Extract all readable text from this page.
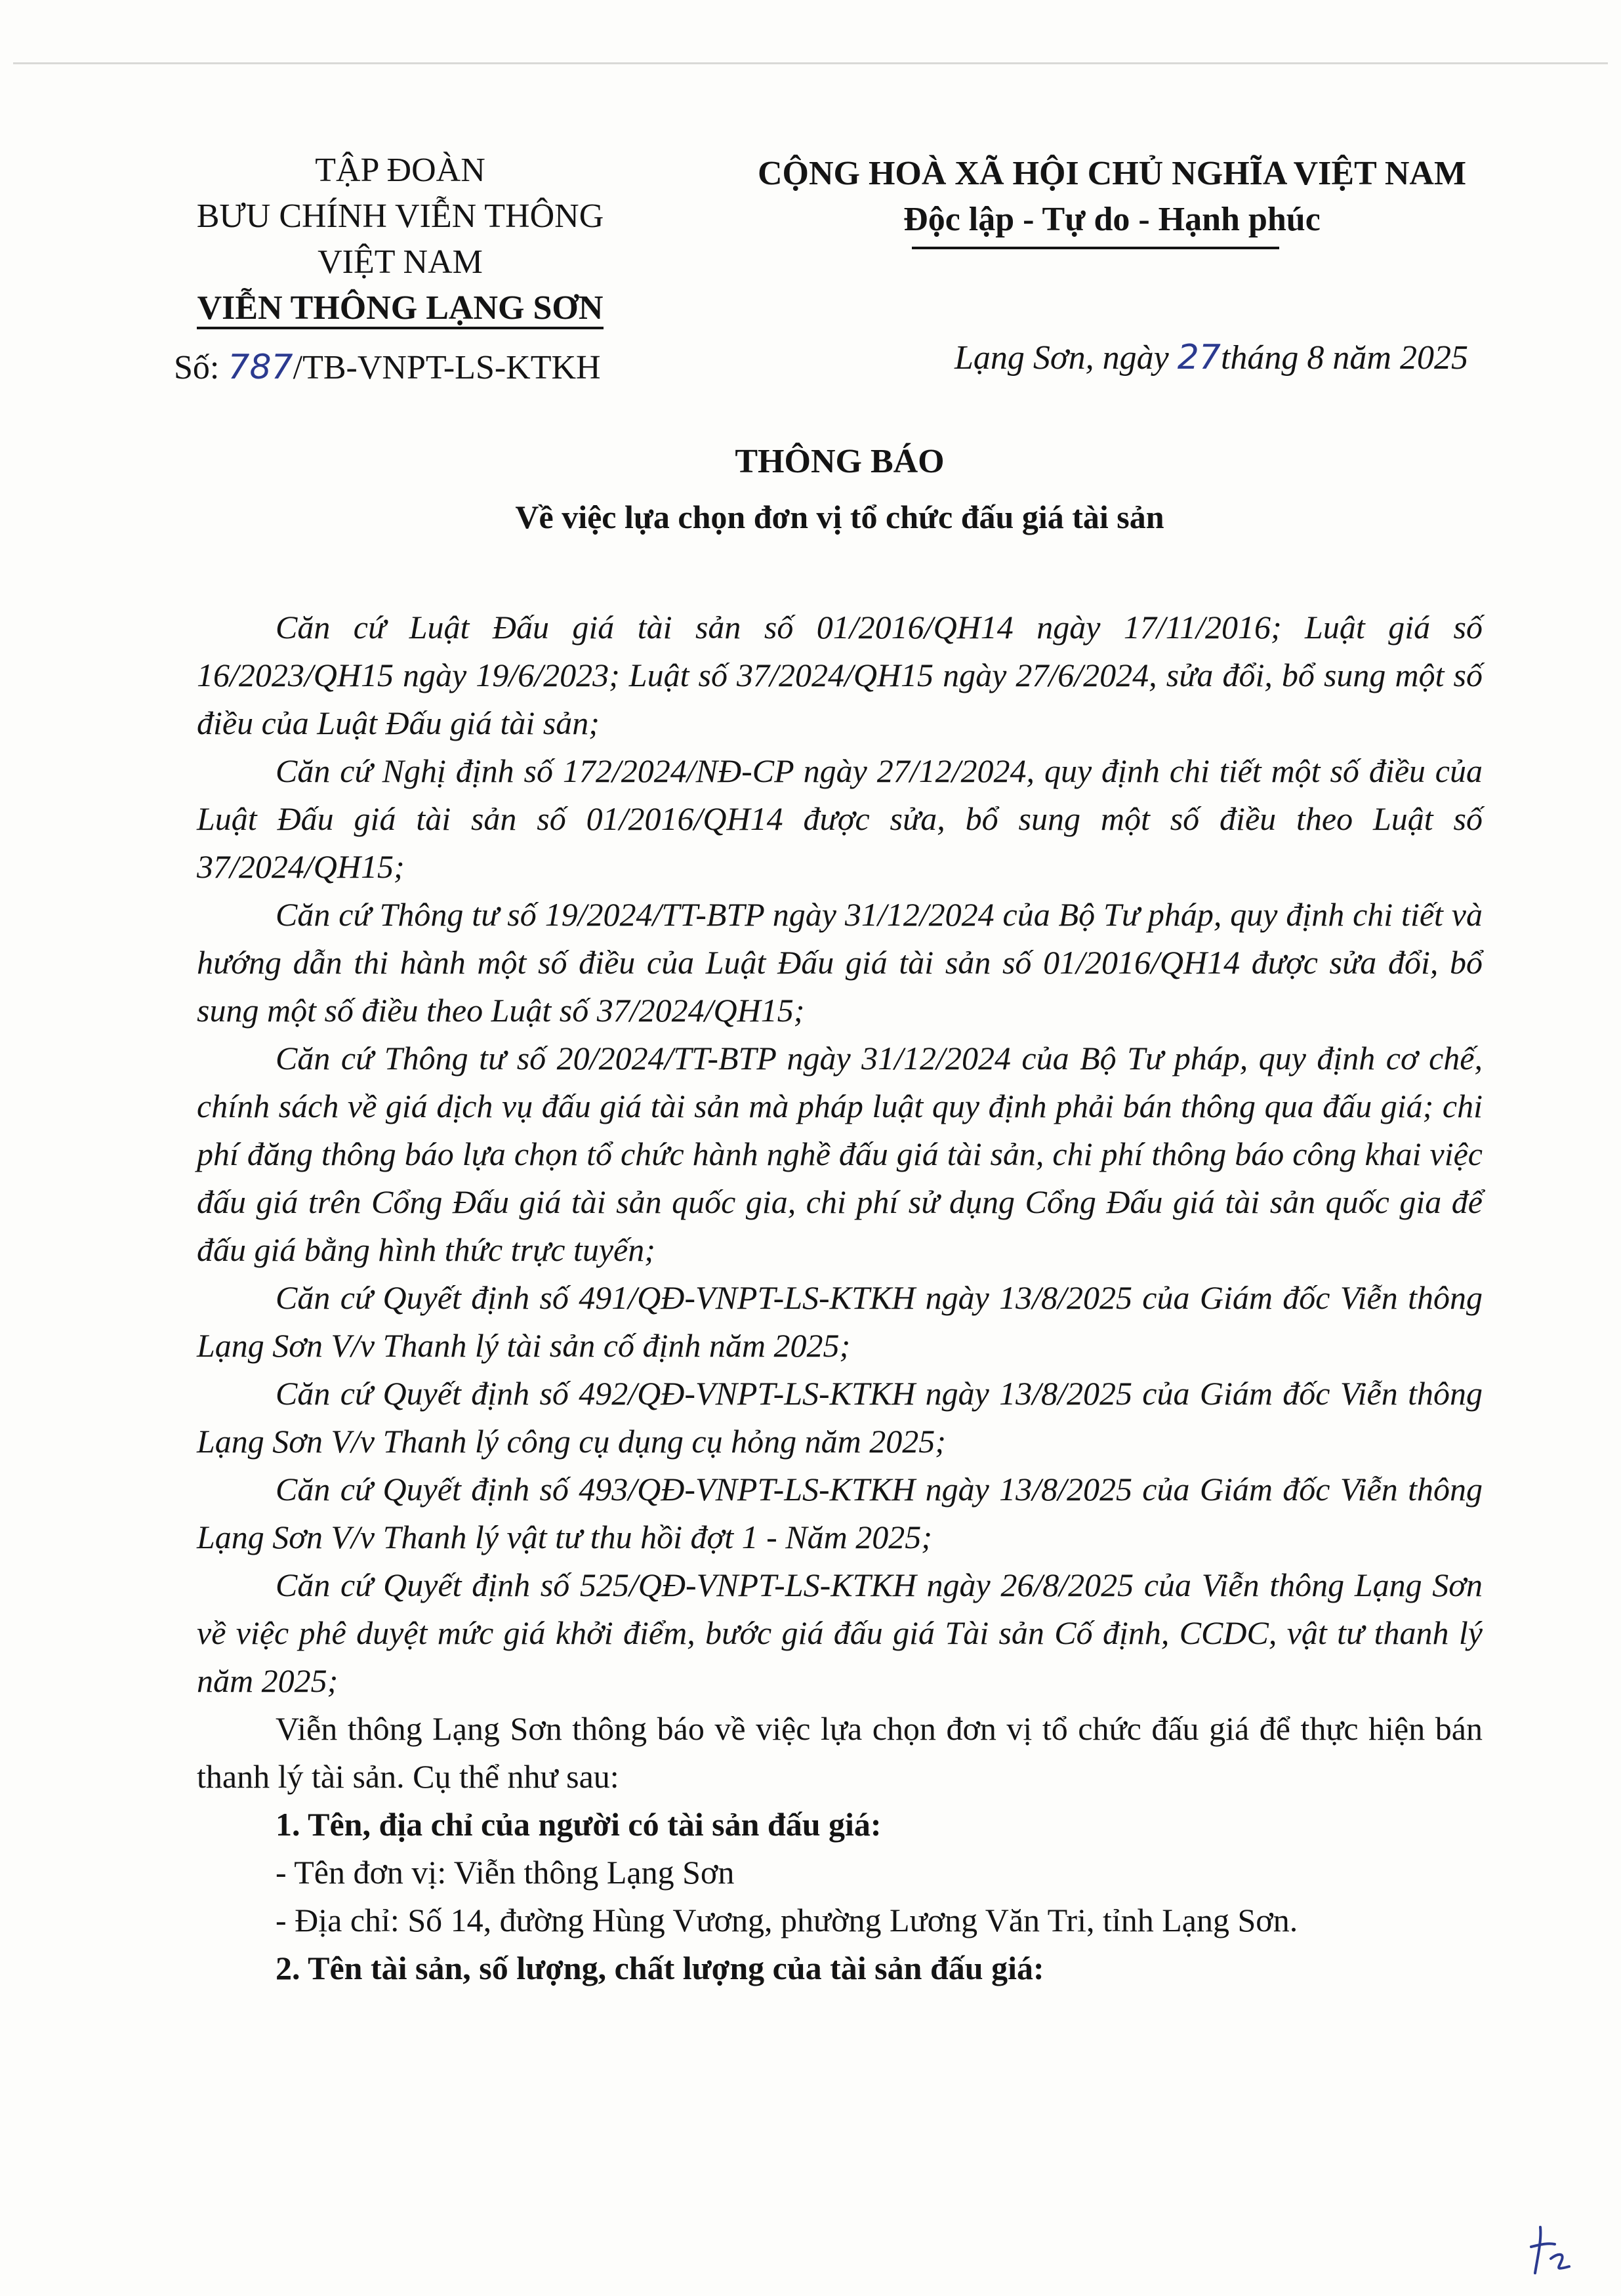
TẬP ĐOÀN
BƯU CHÍNH VIỄN THÔNG
VIỆT NAM
VIỄN THÔNG LẠNG SƠN
Số: 787/TB-VNPT-LS-KTKH
CỘNG HOÀ XÃ HỘI CHỦ NGHĨA VIỆT NAM
Độc lập - Tự do - Hạnh phúc
Lạng Sơn, ngày 27tháng 8 năm 2025
THÔNG BÁO
Về việc lựa chọn đơn vị tổ chức đấu giá tài sản

Căn cứ Luật Đấu giá tài sản số 01/2016/QH14 ngày 17/11/2016; Luật giá số 16/2023/QH15 ngày 19/6/2023; Luật số 37/2024/QH15 ngày 27/6/2024, sửa đổi, bổ sung một số điều của Luật Đấu giá tài sản;

Căn cứ Nghị định số 172/2024/NĐ-CP ngày 27/12/2024, quy định chi tiết một số điều của Luật Đấu giá tài sản số 01/2016/QH14 được sửa, bổ sung một số điều theo Luật số 37/2024/QH15;

Căn cứ Thông tư số 19/2024/TT-BTP ngày 31/12/2024 của Bộ Tư pháp, quy định chi tiết và hướng dẫn thi hành một số điều của Luật Đấu giá tài sản số 01/2016/QH14 được sửa đổi, bổ sung một số điều theo Luật số 37/2024/QH15;

Căn cứ Thông tư số 20/2024/TT-BTP ngày 31/12/2024 của Bộ Tư pháp, quy định cơ chế, chính sách về giá dịch vụ đấu giá tài sản mà pháp luật quy định phải bán thông qua đấu giá; chi phí đăng thông báo lựa chọn tổ chức hành nghề đấu giá tài sản, chi phí thông báo công khai việc đấu giá trên Cổng Đấu giá tài sản quốc gia, chi phí sử dụng Cổng Đấu giá tài sản quốc gia để đấu giá bằng hình thức trực tuyến;

Căn cứ Quyết định số 491/QĐ-VNPT-LS-KTKH ngày 13/8/2025 của Giám đốc Viễn thông Lạng Sơn V/v Thanh lý tài sản cố định năm 2025;

Căn cứ Quyết định số 492/QĐ-VNPT-LS-KTKH ngày 13/8/2025 của Giám đốc Viễn thông Lạng Sơn V/v Thanh lý công cụ dụng cụ hỏng năm 2025;

Căn cứ Quyết định số 493/QĐ-VNPT-LS-KTKH ngày 13/8/2025 của Giám đốc Viễn thông Lạng Sơn V/v Thanh lý vật tư thu hồi đợt 1 - Năm 2025;

Căn cứ Quyết định số 525/QĐ-VNPT-LS-KTKH ngày 26/8/2025 của Viễn thông Lạng Sơn về việc phê duyệt mức giá khởi điểm, bước giá đấu giá Tài sản Cố định, CCDC, vật tư thanh lý năm 2025;

Viễn thông Lạng Sơn thông báo về việc lựa chọn đơn vị tổ chức đấu giá để thực hiện bán thanh lý tài sản. Cụ thể như sau:

1. Tên, địa chỉ của người có tài sản đấu giá:

- Tên đơn vị: Viễn thông Lạng Sơn

- Địa chỉ: Số 14, đường Hùng Vương, phường Lương Văn Tri, tỉnh Lạng Sơn.

2. Tên tài sản, số lượng, chất lượng của tài sản đấu giá:
